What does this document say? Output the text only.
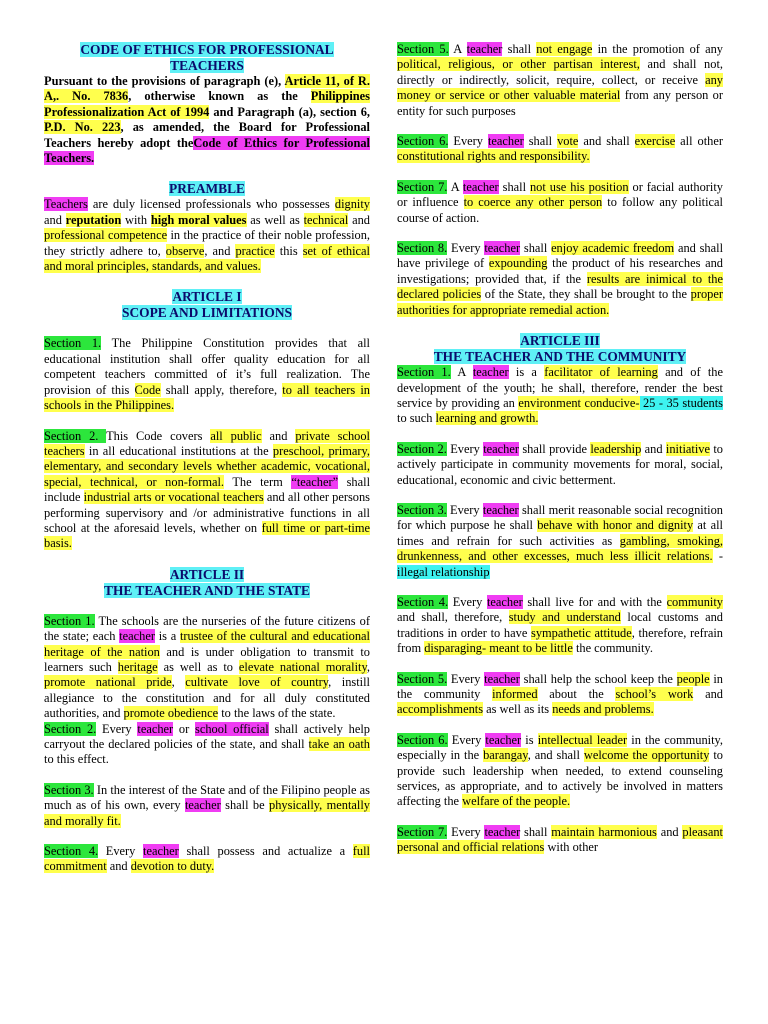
CODE OF ETHICS FOR PROFESSIONAL
TEACHERS

Pursuant to the provisions of paragraph (e), Article 11, of R. A,. No. 7836, otherwise known as the Philippines Professionalization Act of 1994 and Paragraph (a), section 6, P.D. No. 223, as amended, the Board for Professional Teachers hereby adopt theCode of Ethics for Professional Teachers.

PREAMBLE

Teachers are duly licensed professionals who possesses dignity and reputation with high moral values as well as technical and professional competence in the practice of their noble profession, they strictly adhere to, observe, and practice this set of ethical and moral principles, standards, and values.

ARTICLE I
SCOPE AND LIMITATIONS

Section 1. The Philippine Constitution provides that all educational institution shall offer quality education for all competent teachers committed of it’s full realization. The provision of this Code shall apply, therefore, to all teachers in schools in the Philippines.

Section 2. This Code covers all public and private school teachers in all educational institutions at the preschool, primary, elementary, and secondary levels whether academic, vocational, special, technical, or non-formal. The term “teacher” shall include industrial arts or vocational teachers and all other persons performing supervisory and /or administrative functions in all school at the aforesaid levels, whether on full time or part-time basis.

ARTICLE II
THE TEACHER AND THE STATE

Section 1. The schools are the nurseries of the future citizens of the state; each teacher is a trustee of the cultural and educational heritage of the nation and is under obligation to transmit to learners such heritage as well as to elevate national morality, promote national pride, cultivate love of country, instill allegiance to the constitution and for all duly constituted authorities, and promote obedience to the laws of the state.

Section 2. Every teacher or school official shall actively help carryout the declared policies of the state, and shall take an oath to this effect.

Section 3. In the interest of the State and of the Filipino people as much as of his own, every teacher shall be physically, mentally and morally fit.

Section 4. Every teacher shall possess and actualize a full commitment and devotion to duty.

Section 5. A teacher shall not engage in the promotion of any political, religious, or other partisan interest, and shall not, directly or indirectly, solicit, require, collect, or receive any money or service or other valuable material from any person or entity for such purposes

Section 6. Every teacher shall vote and shall exercise all other constitutional rights and responsibility.

Section 7. A teacher shall not use his position or facial authority or influence to coerce any other person to follow any political course of action.

Section 8. Every teacher shall enjoy academic freedom and shall have privilege of expounding the product of his researches and investigations; provided that, if the results are inimical to the declared policies of the State, they shall be brought to the proper authorities for appropriate remedial action.

ARTICLE III
THE TEACHER AND THE COMMUNITY

Section 1. A teacher is a facilitator of learning and of the development of the youth; he shall, therefore, render the best service by providing an environment conducive- 25 - 35 students to such learning and growth.

Section 2. Every teacher shall provide leadership and initiative to actively participate in community movements for moral, social, educational, economic and civic betterment.

Section 3. Every teacher shall merit reasonable social recognition for which purpose he shall behave with honor and dignity at all times and refrain for such activities as gambling, smoking, drunkenness, and other excesses, much less illicit relations. - illegal relationship

Section 4. Every teacher shall live for and with the community and shall, therefore, study and understand local customs and traditions in order to have sympathetic attitude, therefore, refrain from disparaging- meant to be little the community.

Section 5. Every teacher shall help the school keep the people in the community informed about the school’s work and accomplishments as well as its needs and problems.

Section 6. Every teacher is intellectual leader in the community, especially in the barangay, and shall welcome the opportunity to provide such leadership when needed, to extend counseling services, as appropriate, and to actively be involved in matters affecting the welfare of the people.

Section 7. Every teacher shall maintain harmonious and pleasant personal and official relations with other
